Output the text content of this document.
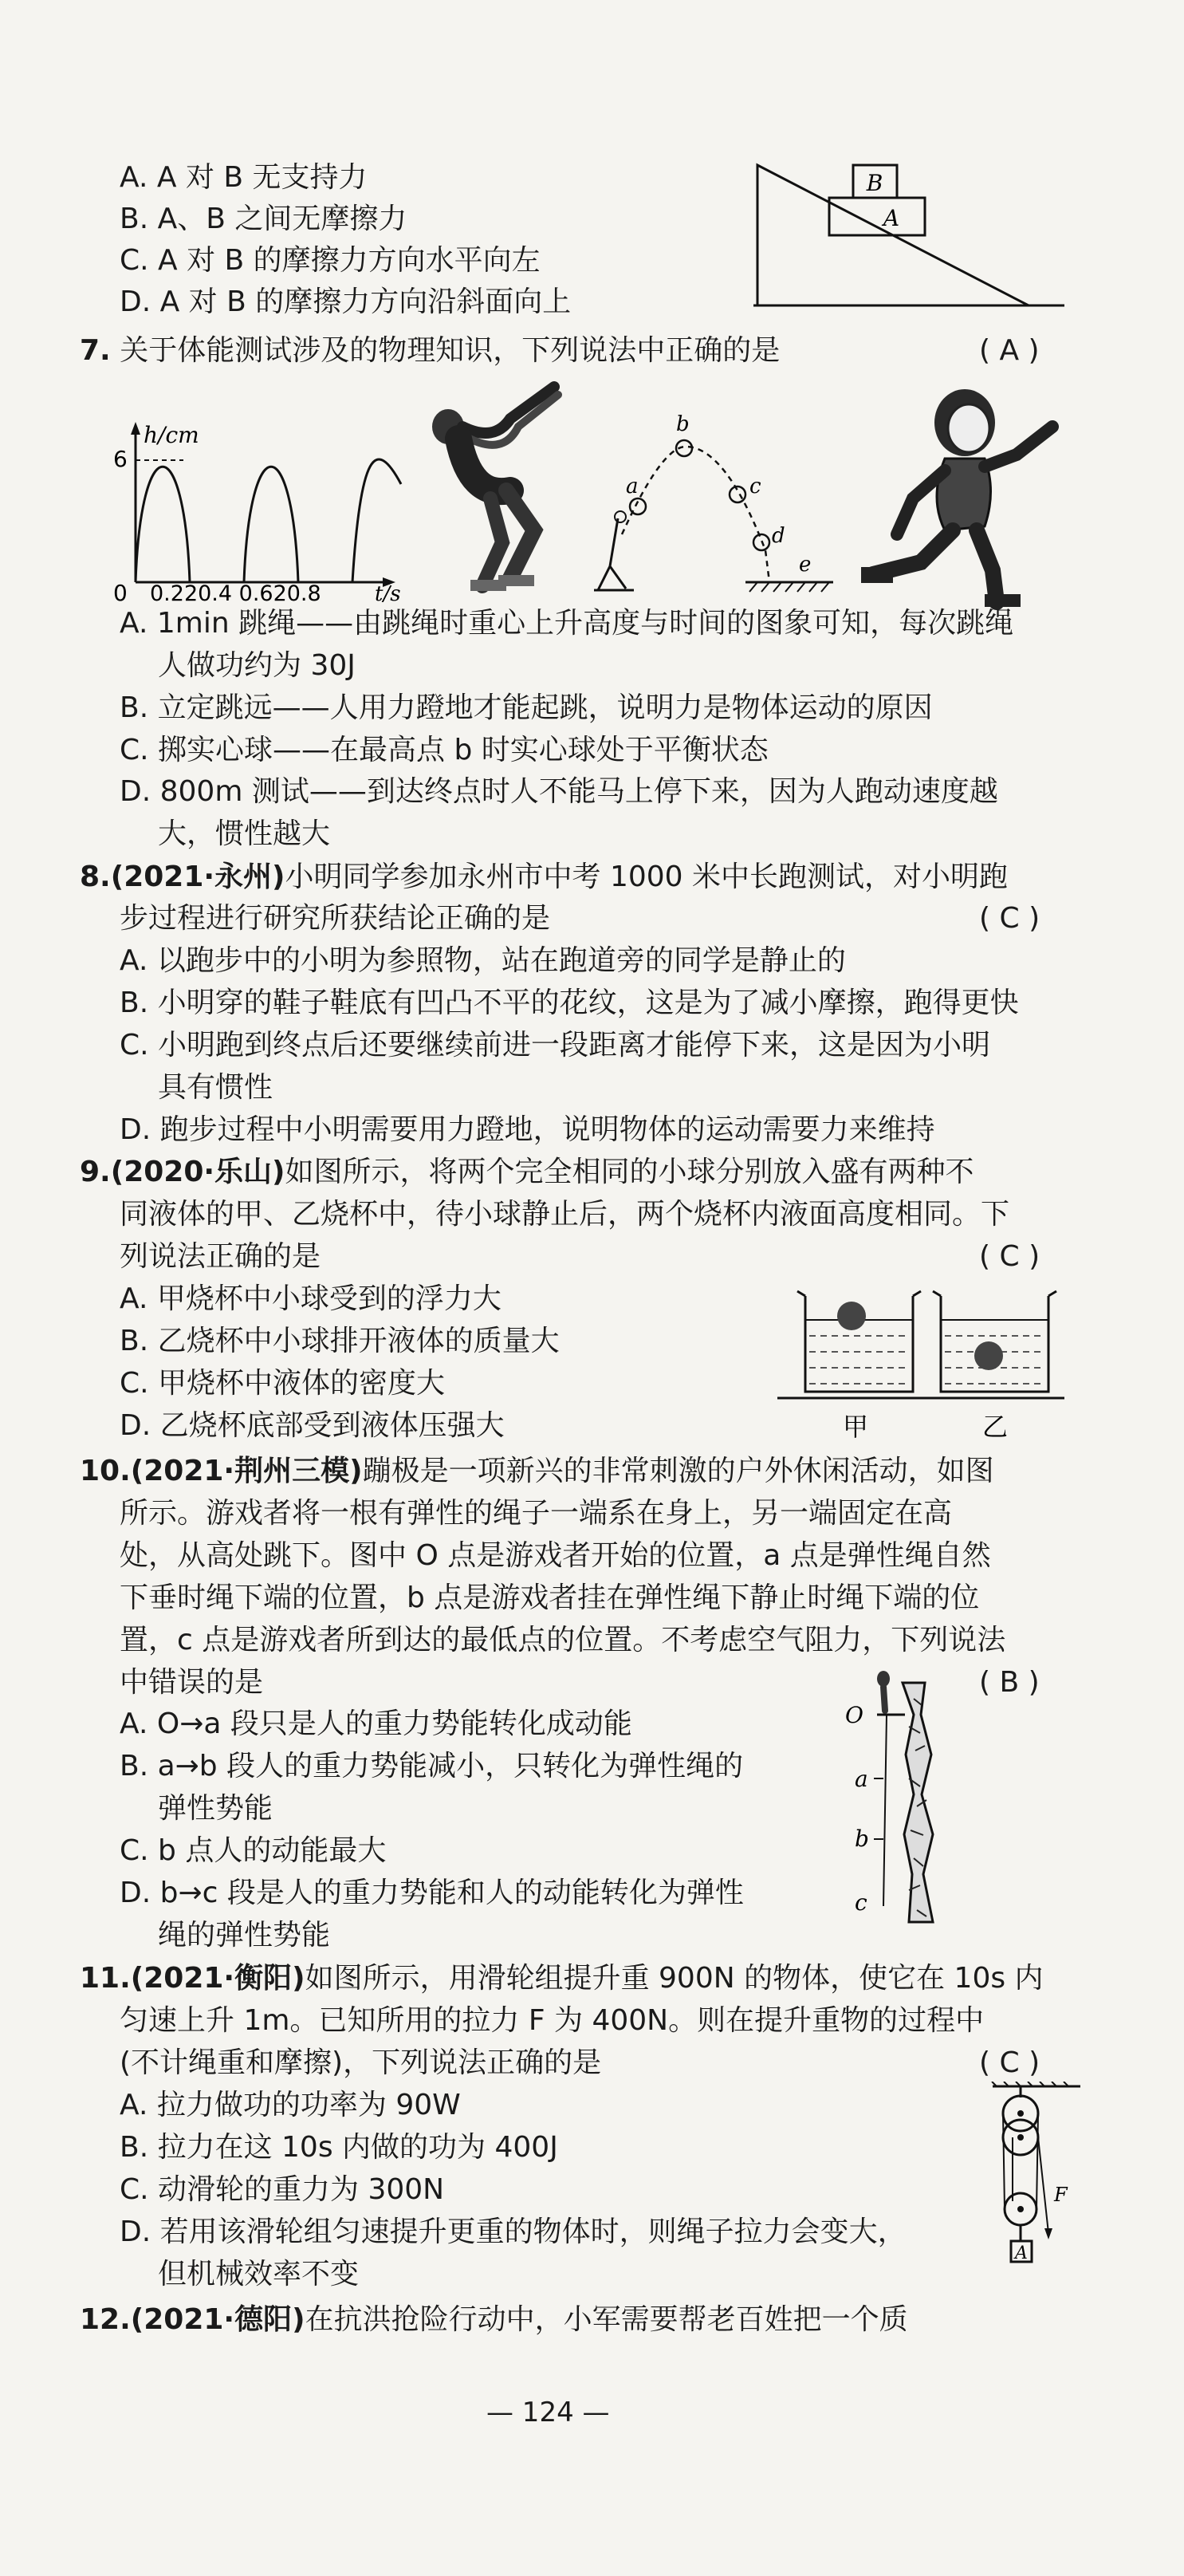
A. A 对 B 无支持力
B. A、B 之间无摩擦力
C. A 对 B 的摩擦力方向水平向左
D. A 对 B 的摩擦力方向沿斜面向上
B
A
7. 关于体能测试涉及的物理知识，下列说法中正确的是	( A )
h/cm
6
0 0.220.4 0.620.8	t/s
a
b
c
d
e
A. 1min 跳绳——由跳绳时重心上升高度与时间的图象可知，每次跳绳
人做功约为 30J
B. 立定跳远——人用力蹬地才能起跳，说明力是物体运动的原因
C. 掷实心球——在最高点 b 时实心球处于平衡状态
D. 800m 测试——到达终点时人不能马上停下来，因为人跑动速度越
大，惯性越大
8.(2021·永州)小明同学参加永州市中考 1000 米中长跑测试，对小明跑
步过程进行研究所获结论正确的是	( C )
A. 以跑步中的小明为参照物，站在跑道旁的同学是静止的
B. 小明穿的鞋子鞋底有凹凸不平的花纹，这是为了减小摩擦，跑得更快
C. 小明跑到终点后还要继续前进一段距离才能停下来，这是因为小明
具有惯性
D. 跑步过程中小明需要用力蹬地，说明物体的运动需要力来维持
9.(2020·乐山)如图所示，将两个完全相同的小球分别放入盛有两种不
同液体的甲、乙烧杯中，待小球静止后，两个烧杯内液面高度相同。下
列说法正确的是	( C )
A. 甲烧杯中小球受到的浮力大
B. 乙烧杯中小球排开液体的质量大
C. 甲烧杯中液体的密度大
D. 乙烧杯底部受到液体压强大	甲	乙
10.(2021·荆州三模)蹦极是一项新兴的非常刺激的户外休闲活动，如图
所示。游戏者将一根有弹性的绳子一端系在身上，另一端固定在高
处，从高处跳下。图中 O 点是游戏者开始的位置，a 点是弹性绳自然
下垂时绳下端的位置，b 点是游戏者挂在弹性绳下静止时绳下端的位
置，c 点是游戏者所到达的最低点的位置。不考虑空气阻力，下列说法
中错误的是	( B )
A. O→a 段只是人的重力势能转化成动能
B. a→b 段人的重力势能减小，只转化为弹性绳的
弹性势能
C. b 点人的动能最大
D. b→c 段是人的重力势能和人的动能转化为弹性
绳的弹性势能
O
a
b
c
11.(2021·衡阳)如图所示，用滑轮组提升重 900N 的物体，使它在 10s 内
匀速上升 1m。已知所用的拉力 F 为 400N。则在提升重物的过程中
(不计绳重和摩擦)，下列说法正确的是	( C )
A. 拉力做功的功率为 90W
B. 拉力在这 10s 内做的功为 400J
C. 动滑轮的重力为 300N
D. 若用该滑轮组匀速提升更重的物体时，则绳子拉力会变大，
但机械效率不变
F
A
12.(2021·德阳)在抗洪抢险行动中，小军需要帮老百姓把一个质
— 124 —
